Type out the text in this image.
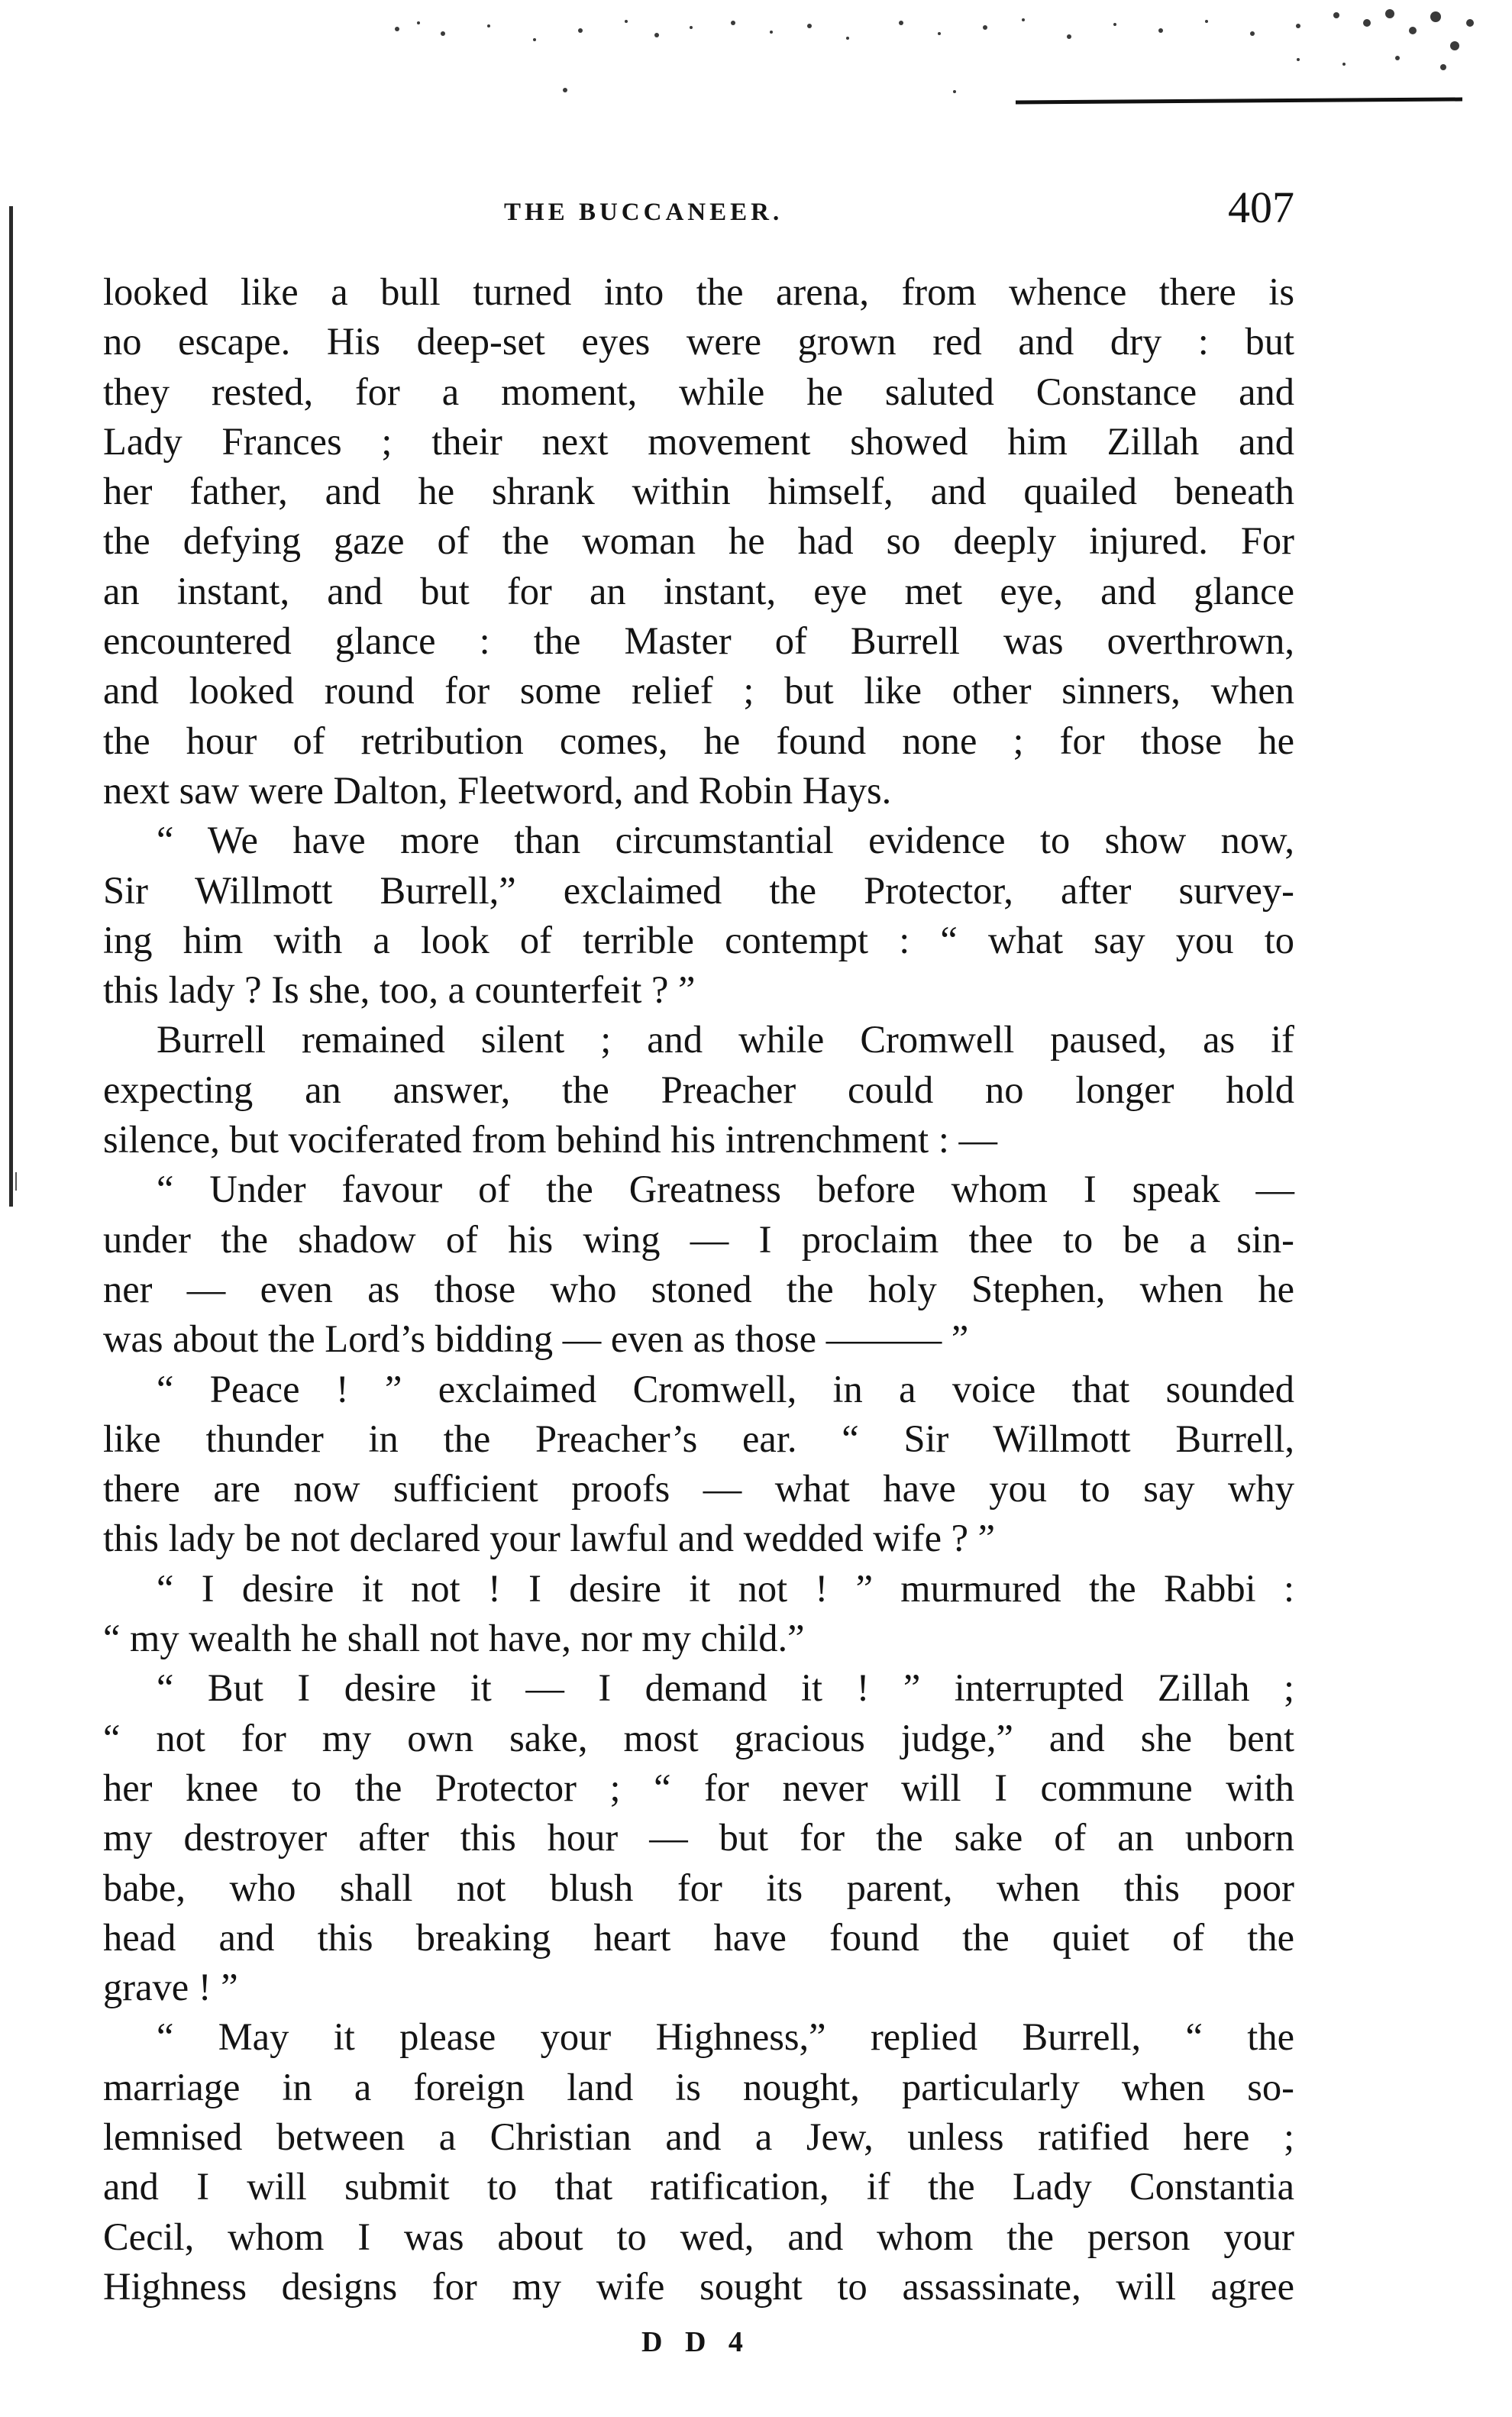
THE BUCCANEER.	407
looked like a bull turned into the arena, from whence there is
no escape. His deep-set eyes were grown red and dry : but
they rested, for a moment, while he saluted Constance and
Lady Frances ; their next movement showed him Zillah and
her father, and he shrank within himself, and quailed beneath
the defying gaze of the woman he had so deeply injured. For
an instant, and but for an instant, eye met eye, and glance
encountered glance : the Master of Burrell was overthrown,
and looked round for some relief ; but like other sinners, when
the hour of retribution comes, he found none ; for those he
next saw were Dalton, Fleetword, and Robin Hays.
“ We have more than circumstantial evidence to show now,
Sir Willmott Burrell,” exclaimed the Protector, after survey-
ing him with a look of terrible contempt : “ what say you to
this lady ? Is she, too, a counterfeit ? ”
Burrell remained silent ; and while Cromwell paused, as if
expecting an answer, the Preacher could no longer hold
silence, but vociferated from behind his intrenchment : —
“ Under favour of the Greatness before whom I speak —
under the shadow of his wing — I proclaim thee to be a sin-
ner — even as those who stoned the holy Stephen, when he
was about the Lord’s bidding — even as those ——— ”
“ Peace ! ” exclaimed Cromwell, in a voice that sounded
like thunder in the Preacher’s ear. “ Sir Willmott Burrell,
there are now sufficient proofs — what have you to say why
this lady be not declared your lawful and wedded wife ? ”
“ I desire it not ! I desire it not ! ” murmured the Rabbi :
“ my wealth he shall not have, nor my child.”
“ But I desire it — I demand it ! ” interrupted Zillah ;
“ not for my own sake, most gracious judge,” and she bent
her knee to the Protector ; “ for never will I commune with
my destroyer after this hour — but for the sake of an unborn
babe, who shall not blush for its parent, when this poor
head and this breaking heart have found the quiet of the
grave ! ”
“ May it please your Highness,” replied Burrell, “ the
marriage in a foreign land is nought, particularly when so-
lemnised between a Christian and a Jew, unless ratified here ;
and I will submit to that ratification, if the Lady Constantia
Cecil, whom I was about to wed, and whom the person your
Highness designs for my wife sought to assassinate, will agree
D D 4
